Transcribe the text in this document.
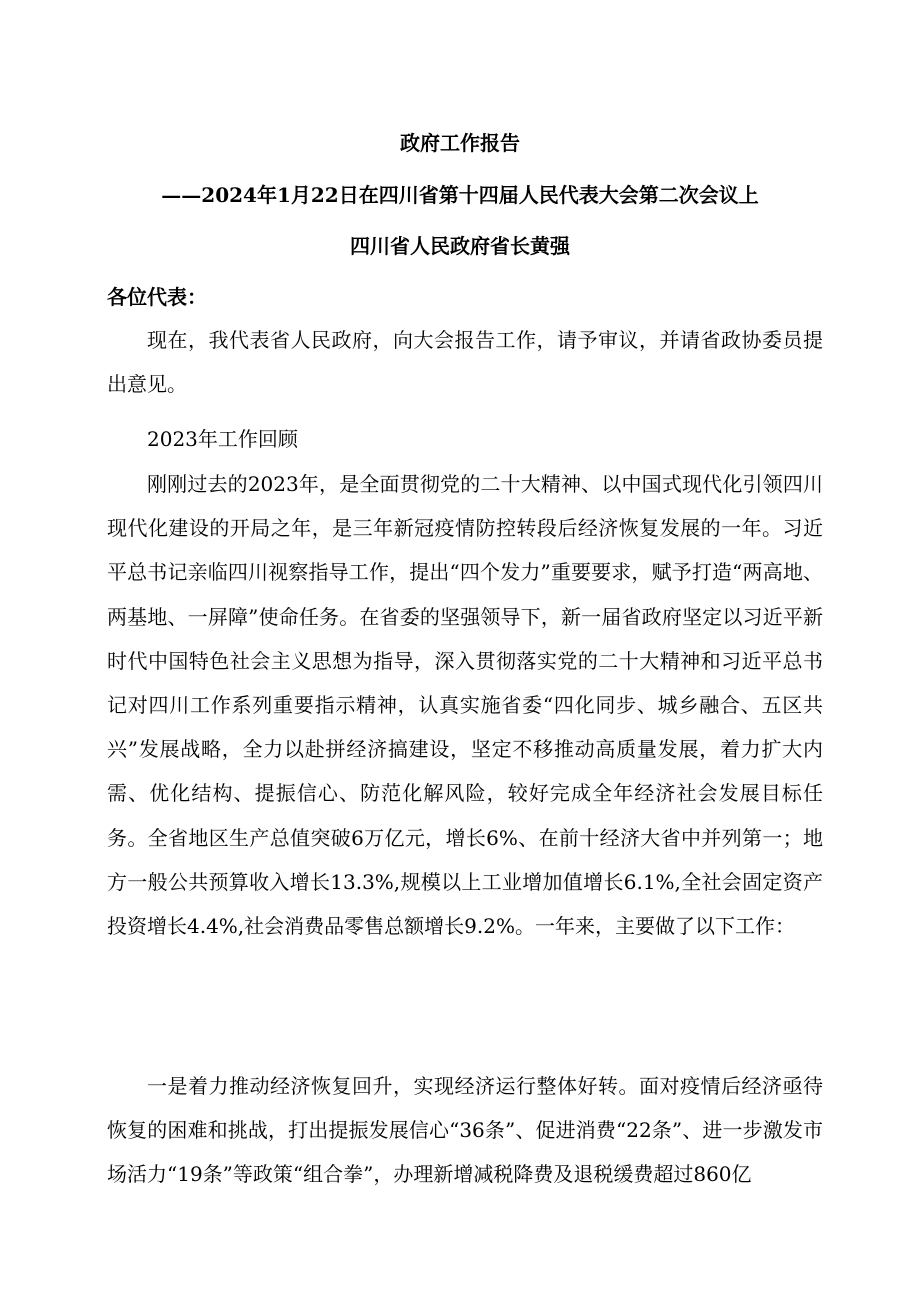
政府工作报告
——2024年1月22日在四川省第十四届人民代表大会第二次会议上
四川省人民政府省长黄强
各位代表：

现在，我代表省人民政府，向大会报告工作，请予审议，并请省政协委员提出意见。

2023年工作回顾

刚刚过去的2023年，是全面贯彻党的二十大精神、以中国式现代化引领四川现代化建设的开局之年，是三年新冠疫情防控转段后经济恢复发展的一年。习近平总书记亲临四川视察指导工作，提出“四个发力”重要要求，赋予打造“两高地、两基地、一屏障”使命任务。在省委的坚强领导下，新一届省政府坚定以习近平新时代中国特色社会主义思想为指导，深入贯彻落实党的二十大精神和习近平总书记对四川工作系列重要指示精神，认真实施省委“四化同步、城乡融合、五区共兴”发展战略，全力以赴拼经济搞建设，坚定不移推动高质量发展，着力扩大内需、优化结构、提振信心、防范化解风险，较好完成全年经济社会发展目标任务。全省地区生产总值突破6万亿元，增长6%、在前十经济大省中并列第一；地方一般公共预算收入增长13.3%,规模以上工业增加值增长6.1%,全社会固定资产投资增长4.4%,社会消费品零售总额增长9.2%。一年来，主要做了以下工作：

一是着力推动经济恢复回升，实现经济运行整体好转。面对疫情后经济亟待恢复的困难和挑战，打出提振发展信心“36条”、促进消费“22条”、进一步激发市场活力“19条”等政策“组合拳”，办理新增减税降费及退税缓费超过860亿
